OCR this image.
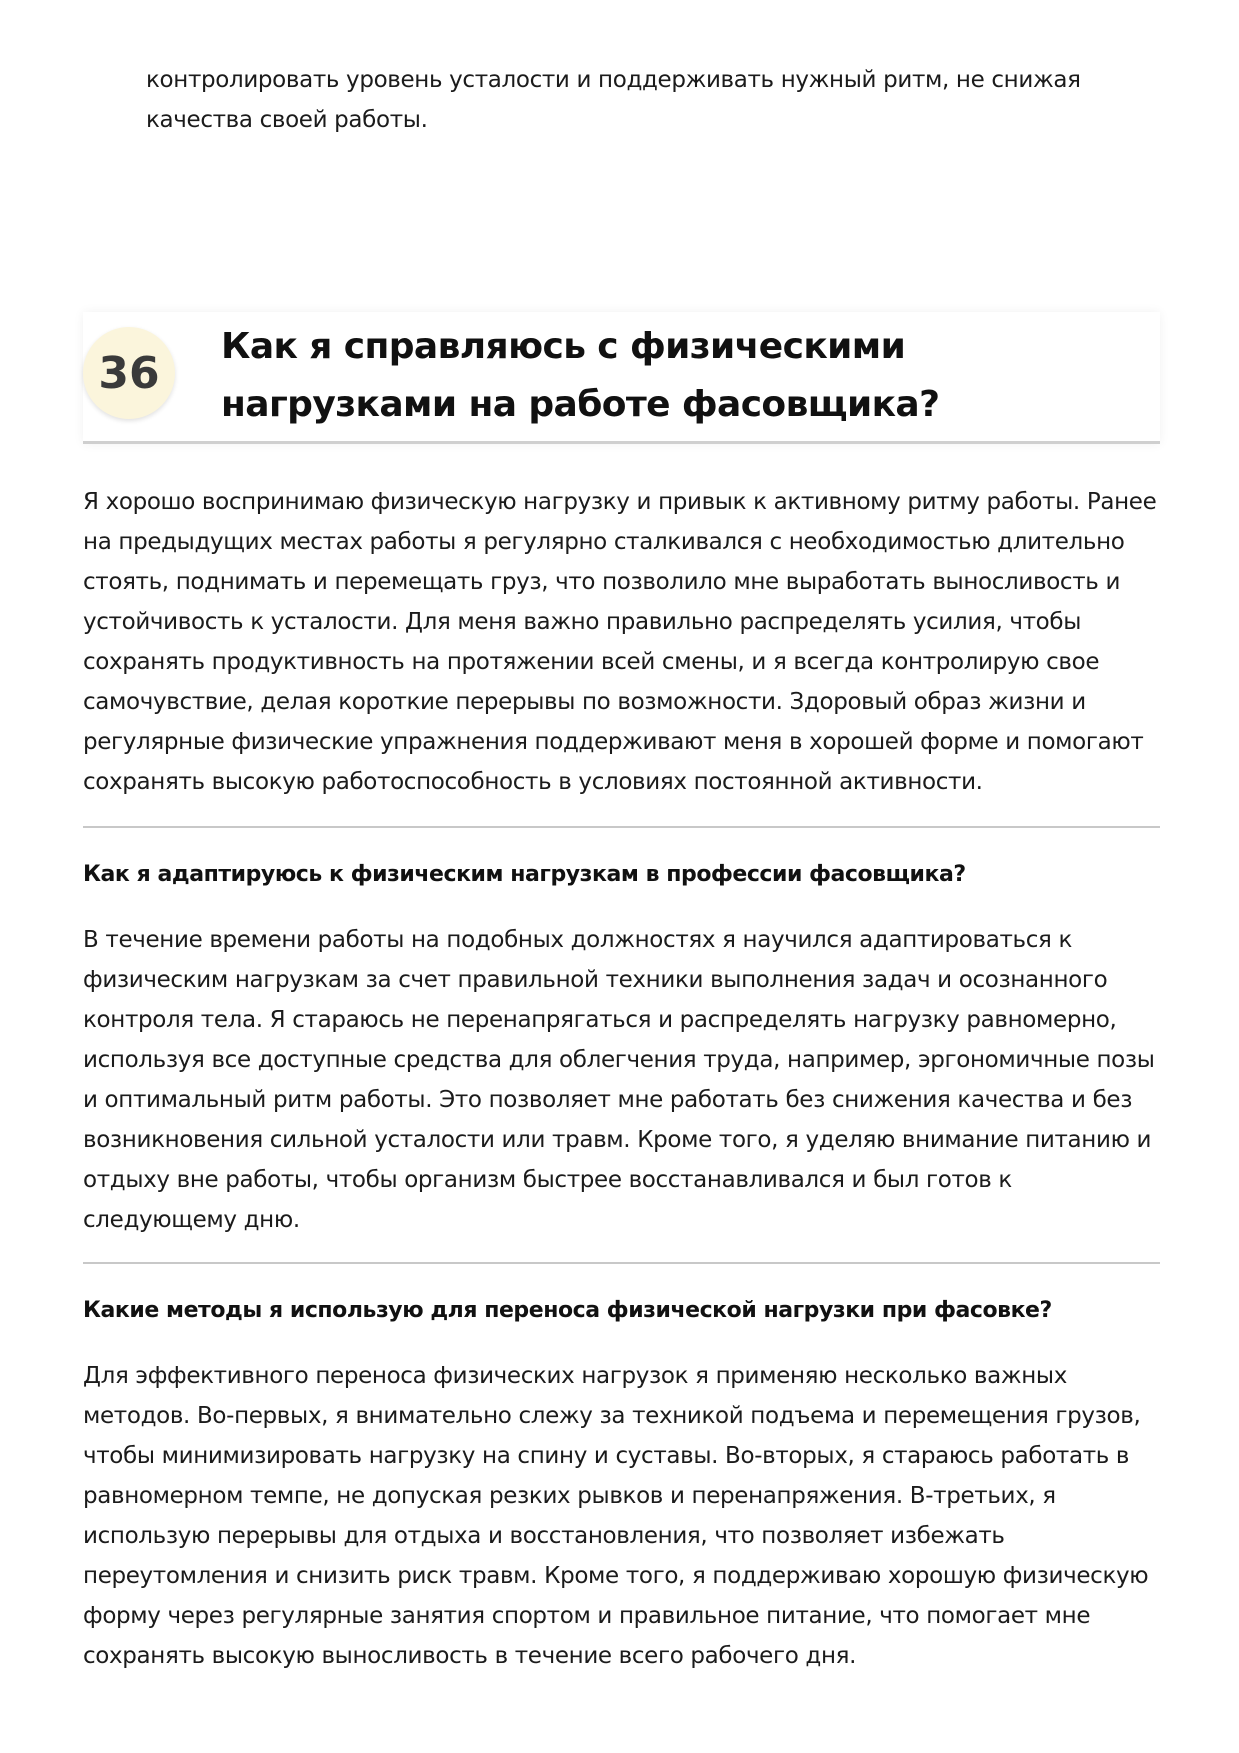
контролировать уровень усталости и поддерживать нужный ритм, не снижая качества своей работы.

36
Как я справляюсь с физическими нагрузками на работе фасовщика?

Я хорошо воспринимаю физическую нагрузку и привык к активному ритму работы. Ранее на предыдущих местах работы я регулярно сталкивался с необходимостью длительно стоять, поднимать и перемещать груз, что позволило мне выработать выносливость и устойчивость к усталости. Для меня важно правильно распределять усилия, чтобы сохранять продуктивность на протяжении всей смены, и я всегда контролирую свое самочувствие, делая короткие перерывы по возможности. Здоровый образ жизни и регулярные физические упражнения поддерживают меня в хорошей форме и помогают сохранять высокую работоспособность в условиях постоянной активности.

Как я адаптируюсь к физическим нагрузкам в профессии фасовщика?

В течение времени работы на подобных должностях я научился адаптироваться к физическим нагрузкам за счет правильной техники выполнения задач и осознанного контроля тела. Я стараюсь не перенапрягаться и распределять нагрузку равномерно, используя все доступные средства для облегчения труда, например, эргономичные позы и оптимальный ритм работы. Это позволяет мне работать без снижения качества и без возникновения сильной усталости или травм. Кроме того, я уделяю внимание питанию и отдыху вне работы, чтобы организм быстрее восстанавливался и был готов к следующему дню.

Какие методы я использую для переноса физической нагрузки при фасовке?

Для эффективного переноса физических нагрузок я применяю несколько важных методов. Во-первых, я внимательно слежу за техникой подъема и перемещения грузов, чтобы минимизировать нагрузку на спину и суставы. Во-вторых, я стараюсь работать в равномерном темпе, не допуская резких рывков и перенапряжения. В-третьих, я использую перерывы для отдыха и восстановления, что позволяет избежать переутомления и снизить риск травм. Кроме того, я поддерживаю хорошую физическую форму через регулярные занятия спортом и правильное питание, что помогает мне сохранять высокую выносливость в течение всего рабочего дня.
